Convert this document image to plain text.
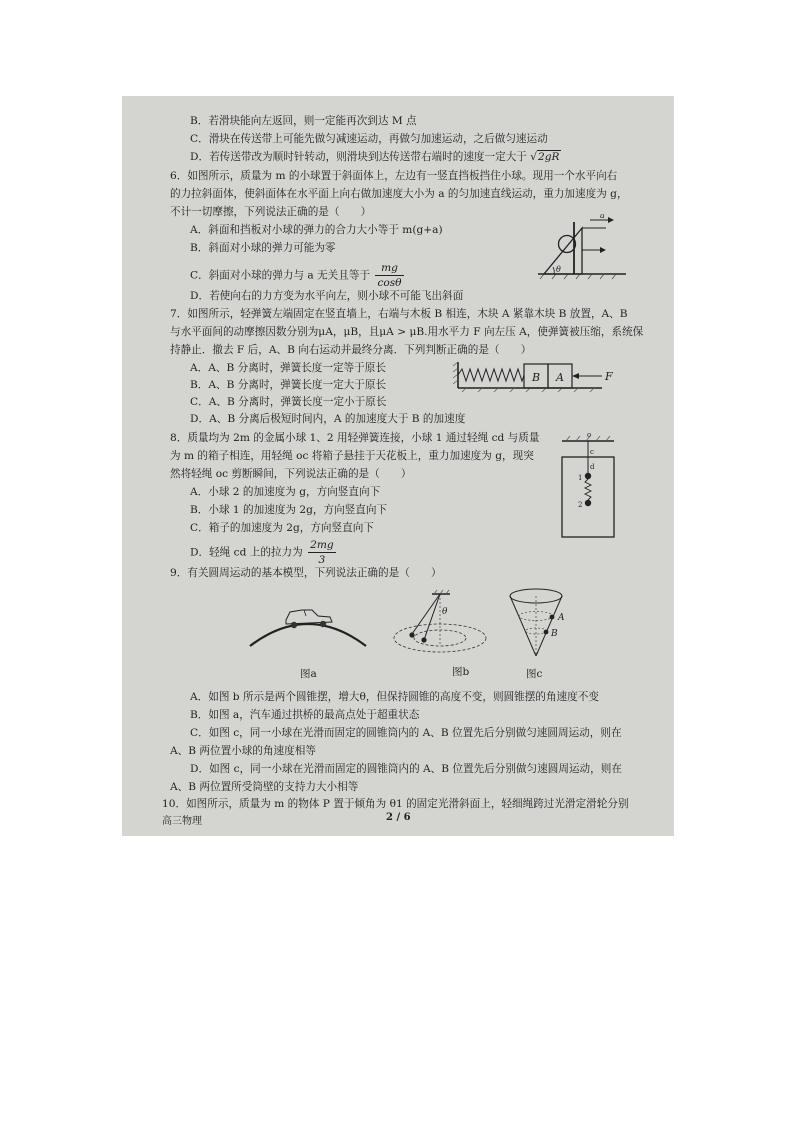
B．若滑块能向左返回，则一定能再次到达 M 点
C．滑块在传送带上可能先做匀减速运动，再做匀加速运动，之后做匀速运动
D．若传送带改为顺时针转动，则滑块到达传送带右端时的速度一定大于 √2gR
6．如图所示，质量为 m 的小球置于斜面体上，左边有一竖直挡板挡住小球。现用一个水平向右
的力拉斜面体，使斜面体在水平面上向右做加速度大小为 a 的匀加速直线运动，重力加速度为 g，
不计一切摩擦，下列说法正确的是（　　）
A．斜面和挡板对小球的弹力的合力大小等于 m(g+a)
B．斜面对小球的弹力可能为零
C．斜面对小球的弹力与 a 无关且等于 $\frac{mg}{\cos\theta}$
D．若使向右的力方变为水平向左，则小球不可能飞出斜面
θ
a
7．如图所示，轻弹簧左端固定在竖直墙上，右端与木板 B 相连，木块 A 紧靠木块 B 放置，A、B
与水平面间的动摩擦因数分别为μA，μB，且μA > μB.用水平力 F 向左压 A，使弹簧被压缩，系统保
持静止．撤去 F 后，A、B 向右运动并最终分离．下列判断正确的是（　　）
A．A、B 分离时，弹簧长度一定等于原长
B．A、B 分离时，弹簧长度一定大于原长
C．A、B 分离时，弹簧长度一定小于原长
D．A、B 分离后极短时间内，A 的加速度大于 B 的加速度
B A	F
8．质量均为 2m 的金属小球 1、2 用轻弹簧连接，小球 1 通过轻绳 cd 与质量
为 m 的箱子相连，用轻绳 oc 将箱子悬挂于天花板上，重力加速度为 g，现突
然将轻绳 oc 剪断瞬间，下列说法正确的是（　　）
A．小球 2 的加速度为 g，方向竖直向下
B．小球 1 的加速度为 2g，方向竖直向下
C．箱子的加速度为 2g，方向竖直向下
D．轻绳 cd 上的拉力为 $\frac{2mg}{3}$
o
c
d
1
2
9．有关圆周运动的基本模型，下列说法正确的是（　　）
图a
θ
图b
A
B
图c
A．如图 b 所示是两个圆锥摆，增大θ，但保持圆锥的高度不变，则圆锥摆的角速度不变
B．如图 a，汽车通过拱桥的最高点处于超重状态
C．如图 c，同一小球在光滑而固定的圆锥筒内的 A、B 位置先后分别做匀速圆周运动，则在
A、B 两位置小球的角速度相等
D．如图 c，同一小球在光滑而固定的圆锥筒内的 A、B 位置先后分别做匀速圆周运动，则在
A、B 两位置所受筒壁的支持力大小相等
10．如图所示，质量为 m 的物体 P 置于倾角为 θ1 的固定光滑斜面上，轻细绳跨过光滑定滑轮分别
高三物理	2 / 6
